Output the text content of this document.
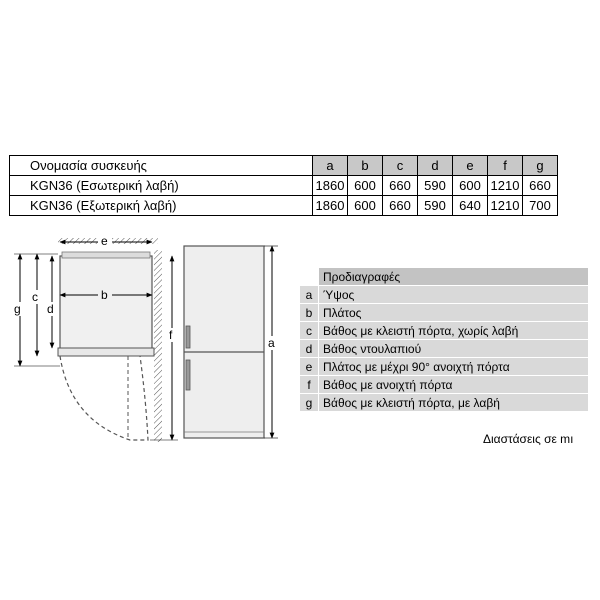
Ονομασία συσκευής	a	b	c	d	e	f	g
KGN36 (Εσωτερική λαβή)	1860	600	660	590	600	1210	660
KGN36 (Εξωτερική λαβή)	1860	600	660	590	640	1210	700
e
b
g
c
d
f
a
	Προδιαγραφές
a	Ύψος
b	Πλάτος
c	Βάθος με κλειστή πόρτα, χωρίς λαβή
d	Βάθος ντουλαπιού
e	Πλάτος με μέχρι 90° ανοιχτή πόρτα
f	Βάθος με ανοιχτή πόρτα
g	Βάθος με κλειστή πόρτα, με λαβή
Διαστάσεις σε mı
